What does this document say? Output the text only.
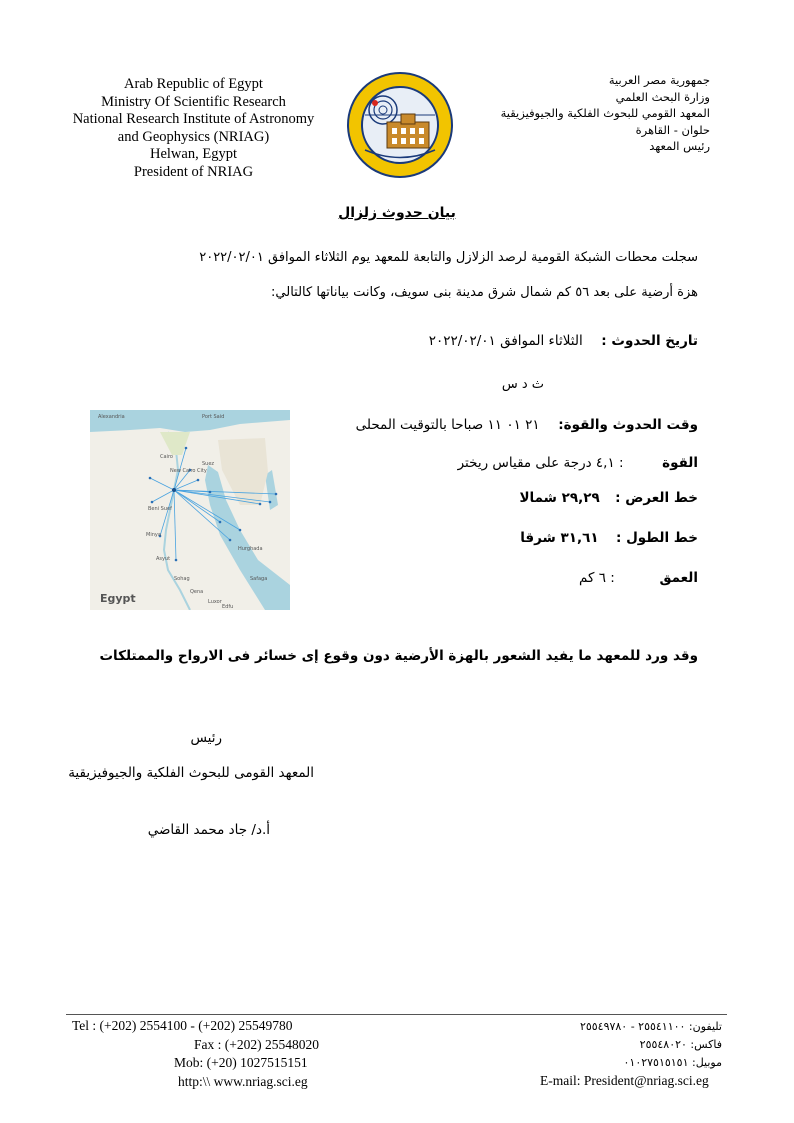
Arab Republic of Egypt
Ministry Of Scientific Research
National Research Institute of Astronomy
and Geophysics (NRIAG)
Helwan, Egypt
President of NRIAG
جمهورية مصر العربية
وزارة البحث العلمي
المعهد القومي للبحوث الفلكية والجيوفيزيقية
حلوان - القاهرة
رئيس المعهد
بيان حدوث زلزال
سجلت محطات الشبكة القومية لرصد الزلازل والتابعة للمعهد يوم الثلاثاء الموافق ٢٠٢٢/٠٢/٠١
هزة أرضية على بعد ٥٦ كم شمال شرق مدينة بنى سويف، وكانت بياناتها كالتالي:
تاريخ الحدوث :  الثلاثاء الموافق ٢٠٢٢/٠٢/٠١
ث د س
وقت الحدوث والقوة:  ٢١ ٠١ ١١ صباحا بالتوقيت المحلى
القوة  : ٤,١ درجة على مقياس ريختر
خط العرض :  ٢٩,٢٩ شمالا
خط الطول :  ٣١,٦١ شرقا
العمق  : ٦ كم
Alexandria	Port Said
Cairo
New Cairo City
Suez
Beni Suef
Minya
Asyut
Sohag
Hurghada
Safaga
Qena
Luxor
Edfu
Egypt
وقد ورد للمعهد ما يفيد الشعور بالهزة الأرضية دون وقوع إى خسائر فى الارواح والممتلكات
رئيس
المعهد القومى للبحوث الفلكية والجيوفيزيقية
أ.د/ جاد محمد القاضي
Tel : (+202) 2554100 - (+202) 25549780
Fax : (+202) 25548020
Mob: (+20) 1027515151
http:\\ www.nriag.sci.eg
تليفون: ٢٥٥٤١١٠٠ - ٢٥٥٤٩٧٨٠
فاكس: ٢٥٥٤٨٠٢٠
موبيل: ٠١٠٢٧٥١٥١٥١
E-mail: President@nriag.sci.eg
